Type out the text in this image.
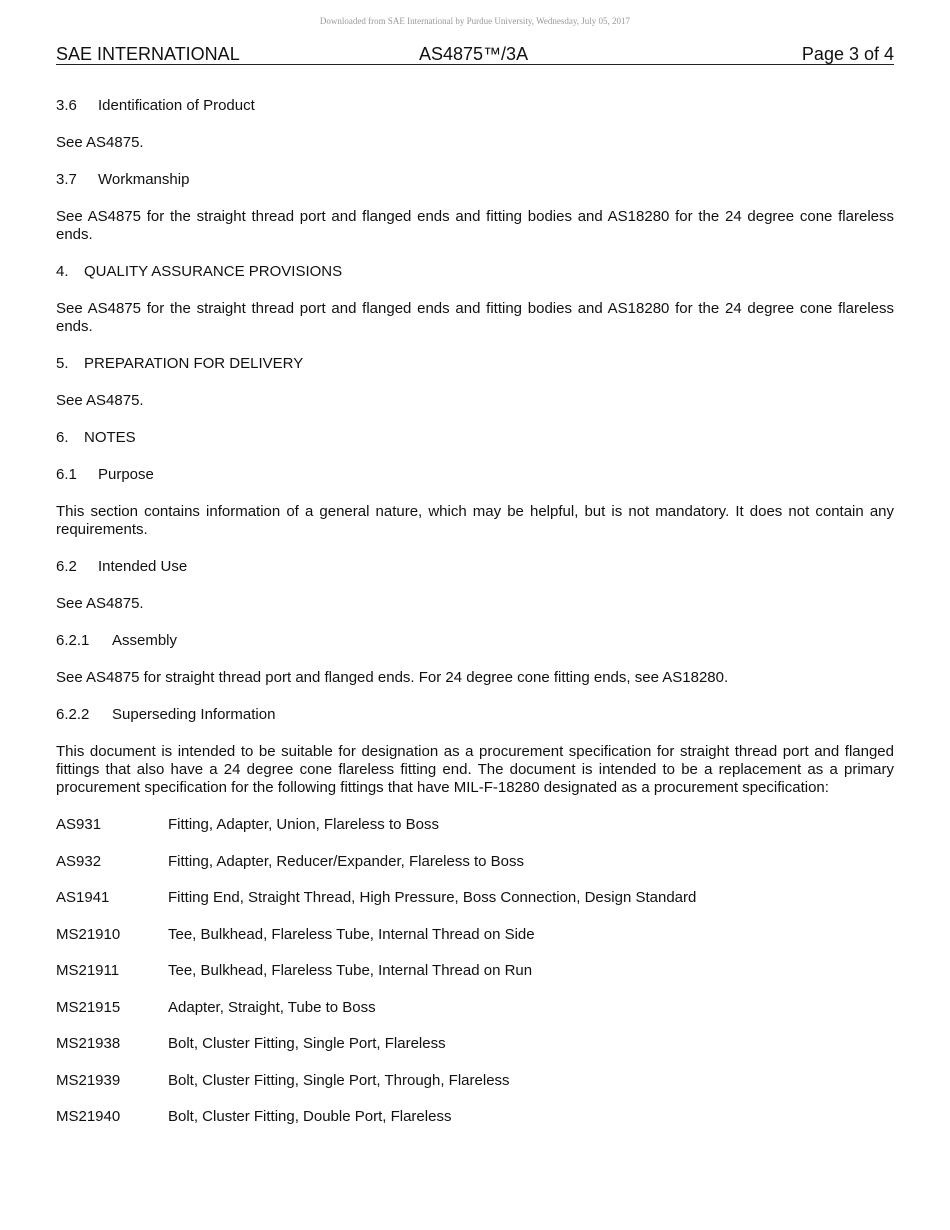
Downloaded from SAE International by Purdue University, Wednesday, July 05, 2017
SAE INTERNATIONAL	AS4875™/3A	Page 3 of 4
3.6 Identification of Product

See AS4875.

3.7 Workmanship

See AS4875 for the straight thread port and flanged ends and fitting bodies and AS18280 for the 24 degree cone flareless ends.

4. QUALITY ASSURANCE PROVISIONS

See AS4875 for the straight thread port and flanged ends and fitting bodies and AS18280 for the 24 degree cone flareless ends.

5. PREPARATION FOR DELIVERY

See AS4875.

6. NOTES
6.1 Purpose

This section contains information of a general nature, which may be helpful, but is not mandatory. It does not contain any requirements.

6.2 Intended Use

See AS4875.

6.2.1 Assembly

See AS4875 for straight thread port and flanged ends. For 24 degree cone fitting ends, see AS18280.

6.2.2 Superseding Information

This document is intended to be suitable for designation as a procurement specification for straight thread port and flanged fittings that also have a 24 degree cone flareless fitting end. The document is intended to be a replacement as a primary procurement specification for the following fittings that have MIL-F-18280 designated as a procurement specification:

AS931	Fitting, Adapter, Union, Flareless to Boss
AS932	Fitting, Adapter, Reducer/Expander, Flareless to Boss
AS1941	Fitting End, Straight Thread, High Pressure, Boss Connection, Design Standard
MS21910	Tee, Bulkhead, Flareless Tube, Internal Thread on Side
MS21911	Tee, Bulkhead, Flareless Tube, Internal Thread on Run
MS21915	Adapter, Straight, Tube to Boss
MS21938	Bolt, Cluster Fitting, Single Port, Flareless
MS21939	Bolt, Cluster Fitting, Single Port, Through, Flareless
MS21940	Bolt, Cluster Fitting, Double Port, Flareless
